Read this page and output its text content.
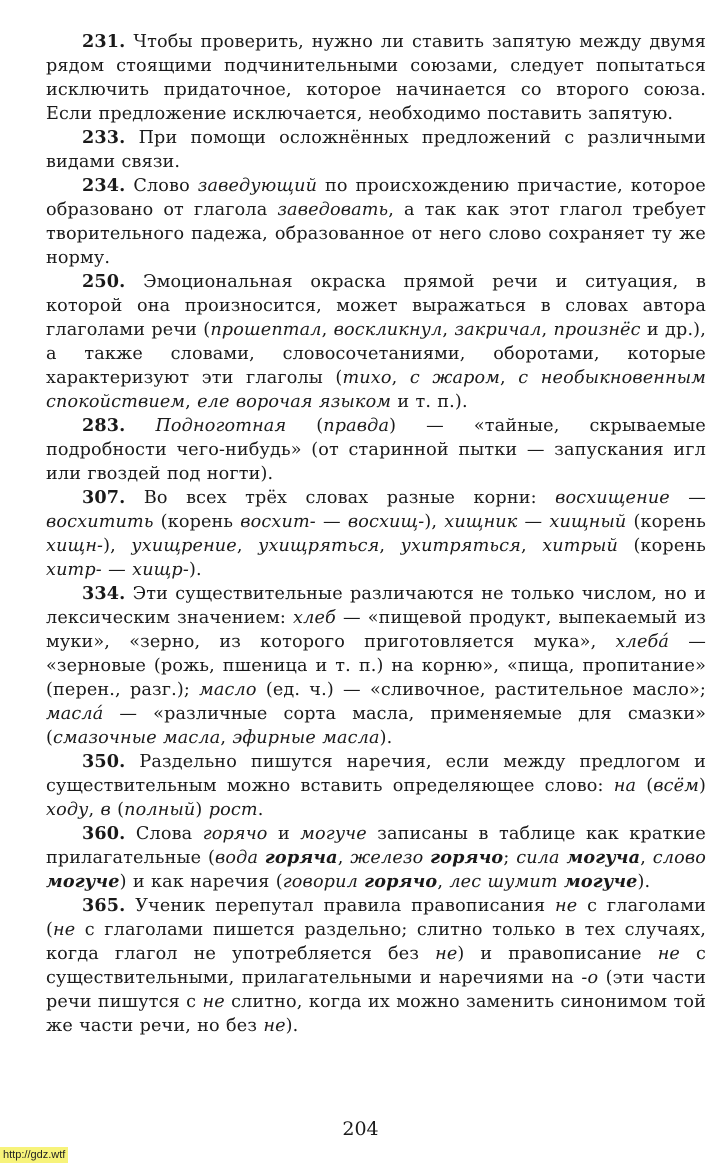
231. Чтобы проверить, нужно ли ставить запятую между двумя рядом стоящими подчинительными союзами, следует попытаться исключить придаточное, которое начинается со второго союза. Если предложение исключается, необходимо поставить запятую.

233. При помощи осложнённых предложений с различными видами связи.

234. Слово заведующий по происхождению причастие, которое образовано от глагола заведовать, а так как этот глагол требует творительного падежа, образованное от него слово сохраняет ту же норму.

250. Эмоциональная окраска прямой речи и ситуация, в которой она произносится, может выражаться в словах автора глаголами речи (прошептал, воскликнул, закричал, произнёс и др.), а также словами, словосочетаниями, оборотами, которые характеризуют эти глаголы (тихо, с жаром, с необыкновенным спокойствием, еле ворочая языком и т. п.).

283. Подноготная (правда) — «тайные, скрываемые подробности чего-нибудь» (от старинной пытки — запускания игл или гвоздей под ногти).

307. Во всех трёх словах разные корни: восхищение — восхитить (корень восхит- — восхищ-), хищник — хищный (корень хищн-), ухищрение, ухищряться, ухитряться, хитрый (корень хитр- — хищр-).

334. Эти существительные различаются не только числом, но и лексическим значением: хлеб — «пищевой продукт, выпекаемый из муки», «зерно, из которого приготовляется мука», хлеба́ — «зерновые (рожь, пшеница и т. п.) на корню», «пища, пропитание» (перен., разг.); масло (ед. ч.) — «сливочное, растительное масло»; масла́ — «различные сорта масла, применяемые для смазки» (смазочные масла, эфирные масла).

350. Раздельно пишутся наречия, если между предлогом и существительным можно вставить определяющее слово: на (всём) ходу, в (полный) рост.

360. Слова горячо и могуче записаны в таблице как краткие прилагательные (вода горяча, железо горячо; сила могуча, слово могуче) и как наречия (говорил горячо, лес шумит могуче).

365. Ученик перепутал правила правописания не с глаголами (не с глаголами пишется раздельно; слитно только в тех случаях, когда глагол не употребляется без не) и правописание не с существительными, прилагательными и наречиями на -о (эти части речи пишутся с не слитно, когда их можно заменить синонимом той же части речи, но без не).

204
http://gdz.wtf
